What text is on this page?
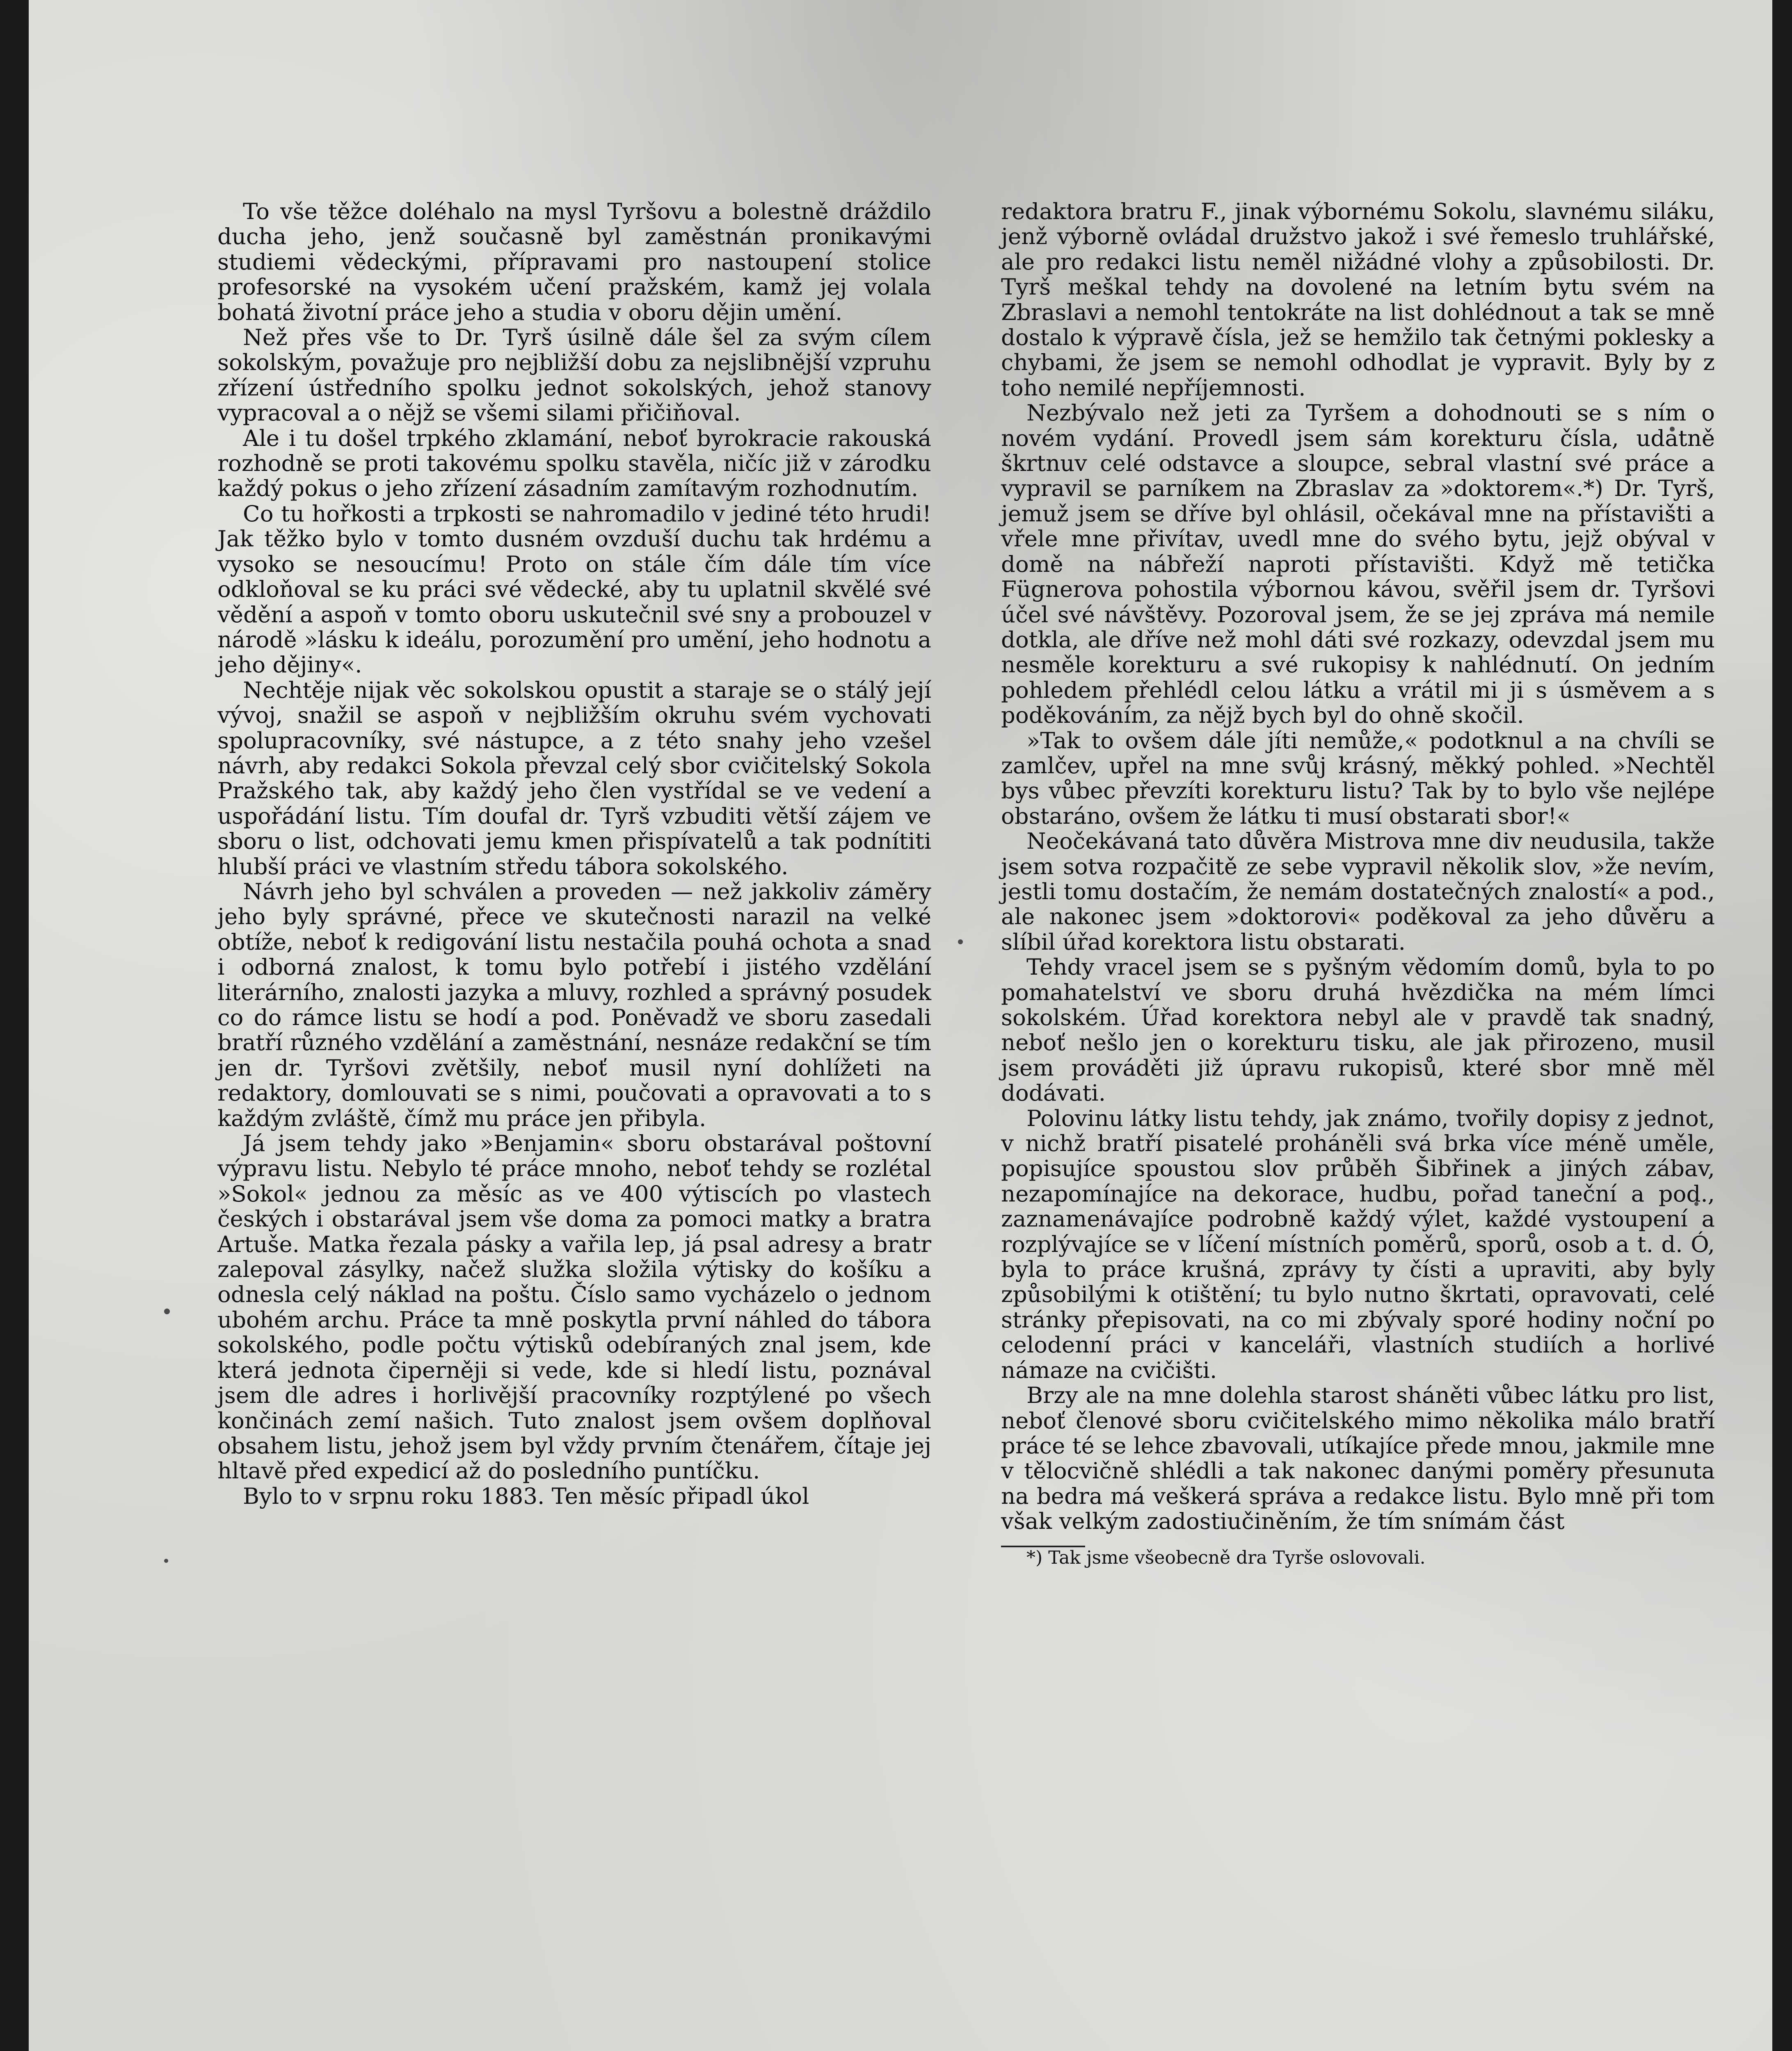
To vše těžce doléhalo na mysl Tyršovu a bolestně dráždilo ducha jeho, jenž současně byl zaměstnán pronikavými studiemi vědeckými, přípravami pro nastoupení stolice profesorské na vysokém učení pražském, kamž jej volala bohatá životní práce jeho a studia v oboru dějin umění.

Než přes vše to Dr. Tyrš úsilně dále šel za svým cílem sokolským, považuje pro nejbližší dobu za nejslibnější vzpruhu zřízení ústředního spolku jednot sokolských, jehož stanovy vypracoval a o nějž se všemi silami přičiňoval.

Ale i tu došel trpkého zklamání, neboť byrokracie rakouská rozhodně se proti takovému spolku stavěla, ničíc již v zárodku každý pokus o jeho zřízení zásadním zamítavým rozhodnutím.

Co tu hořkosti a trpkosti se nahromadilo v jediné této hrudi! Jak těžko bylo v tomto dusném ovzduší duchu tak hrdému a vysoko se nesoucímu! Proto on stále čím dále tím více odkloňoval se ku práci své vědecké, aby tu uplatnil skvělé své vědění a aspoň v tomto oboru uskutečnil své sny a probouzel v národě »lásku k ideálu, porozumění pro umění, jeho hodnotu a jeho dějiny«.

Nechtěje nijak věc sokolskou opustit a staraje se o stálý její vývoj, snažil se aspoň v nejbližším okruhu svém vychovati spolupracovníky, své nástupce, a z této snahy jeho vzešel návrh, aby redakci Sokola převzal celý sbor cvičitelský Sokola Pražského tak, aby každý jeho člen vystřídal se ve vedení a uspořádání listu. Tím doufal dr. Tyrš vzbuditi větší zájem ve sboru o list, odchovati jemu kmen přispívatelů a tak podnítiti hlubší práci ve vlastním středu tábora sokolského.

Návrh jeho byl schválen a proveden — než jakkoliv záměry jeho byly správné, přece ve skutečnosti narazil na velké obtíže, neboť k redigování listu nestačila pouhá ochota a snad i odborná znalost, k tomu bylo potřebí i jistého vzdělání literárního, znalosti jazyka a mluvy, rozhled a správný posudek co do rámce listu se hodí a pod. Poněvadž ve sboru zasedali bratří různého vzdělání a zaměstnání, nesnáze redakční se tím jen dr. Tyršovi zvětšily, neboť musil nyní dohlížeti na redaktory, domlouvati se s nimi, poučovati a opravovati a to s každým zvláště, čímž mu práce jen přibyla.

Já jsem tehdy jako »Benjamin« sboru obstarával poštovní výpravu listu. Nebylo té práce mnoho, neboť tehdy se rozlétal »Sokol« jednou za měsíc as ve 400 výtiscích po vlastech českých i obstarával jsem vše doma za pomoci matky a bratra Artuše. Matka řezala pásky a vařila lep, já psal adresy a bratr zalepoval zásylky, načež služka složila výtisky do košíku a odnesla celý náklad na poštu. Číslo samo vycházelo o jednom ubohém archu. Práce ta mně poskytla první náhled do tábora sokolského, podle počtu výtisků odebíraných znal jsem, kde která jednota čiperněji si vede, kde si hledí listu, poznával jsem dle adres i horlivější pracovníky rozptýlené po všech končinách zemí našich. Tuto znalost jsem ovšem doplňoval obsahem listu, jehož jsem byl vždy prvním čtenářem, čítaje jej hltavě před expedicí až do posledního puntíčku.

Bylo to v srpnu roku 1883. Ten měsíc připadl úkol

redaktora bratru F., jinak výbornému Sokolu, slavnému siláku, jenž výborně ovládal družstvo jakož i své řemeslo truhlářské, ale pro redakci listu neměl nižádné vlohy a způsobilosti. Dr. Tyrš meškal tehdy na dovolené na letním bytu svém na Zbraslavi a nemohl tentokráte na list dohlédnout a tak se mně dostalo k výpravě čísla, jež se hemžilo tak četnými poklesky a chybami, že jsem se nemohl odhodlat je vypravit. Byly by z toho nemilé nepříjemnosti.

Nezbývalo než jeti za Tyršem a dohodnouti se s ním o novém vydání. Provedl jsem sám korekturu čísla, udatně škrtnuv celé odstavce a sloupce, sebral vlastní své práce a vypravil se parníkem na Zbraslav za »doktorem«.*) Dr. Tyrš, jemuž jsem se dříve byl ohlásil, očekával mne na přístavišti a vřele mne přivítav, uvedl mne do svého bytu, jejž obýval v domě na nábřeží naproti přístavišti. Když mě tetička Fügnerova pohostila výbornou kávou, svěřil jsem dr. Tyršovi účel své návštěvy. Pozoroval jsem, že se jej zpráva má nemile dotkla, ale dříve než mohl dáti své rozkazy, odevzdal jsem mu nesměle korekturu a své rukopisy k nahlédnutí. On jedním pohledem přehlédl celou látku a vrátil mi ji s úsměvem a s poděkováním, za nějž bych byl do ohně skočil.

»Tak to ovšem dále jíti nemůže,« podotknul a na chvíli se zamlčev, upřel na mne svůj krásný, měkký pohled. »Nechtěl bys vůbec převzíti korekturu listu? Tak by to bylo vše nejlépe obstaráno, ovšem že látku ti musí obstarati sbor!«

Neočekávaná tato důvěra Mistrova mne div neudusila, takže jsem sotva rozpačitě ze sebe vypravil několik slov, »že nevím, jestli tomu dostačím, že nemám dostatečných znalostí« a pod., ale nakonec jsem »doktorovi« poděkoval za jeho důvěru a slíbil úřad korektora listu obstarati.

Tehdy vracel jsem se s pyšným vědomím domů, byla to po pomahatelství ve sboru druhá hvězdička na mém límci sokolském. Úřad korektora nebyl ale v pravdě tak snadný, neboť nešlo jen o korekturu tisku, ale jak přirozeno, musil jsem prováděti již úpravu rukopisů, které sbor mně měl dodávati.

Polovinu látky listu tehdy, jak známo, tvořily dopisy z jednot, v nichž bratří pisatelé proháněli svá brka více méně uměle, popisujíce spoustou slov průběh Šibřinek a jiných zábav, nezapomínajíce na dekorace, hudbu, pořad taneční a pod., zaznamenávajíce podrobně každý výlet, každé vystoupení a rozplývajíce se v líčení místních poměrů, sporů, osob a t. d. Ó, byla to práce krušná, zprávy ty čísti a upraviti, aby byly způsobilými k otištění; tu bylo nutno škrtati, opravovati, celé stránky přepisovati, na co mi zbývaly sporé hodiny noční po celodenní práci v kanceláři, vlastních studiích a horlivé námaze na cvičišti.

Brzy ale na mne dolehla starost sháněti vůbec látku pro list, neboť členové sboru cvičitelského mimo několika málo bratří práce té se lehce zbavovali, utíkajíce přede mnou, jakmile mne v tělocvičně shlédli a tak nakonec danými poměry přesunuta na bedra má veškerá správa a redakce listu. Bylo mně při tom však velkým zadostiučiněním, že tím snímám část

*) Tak jsme všeobecně dra Tyrše oslovovali.
